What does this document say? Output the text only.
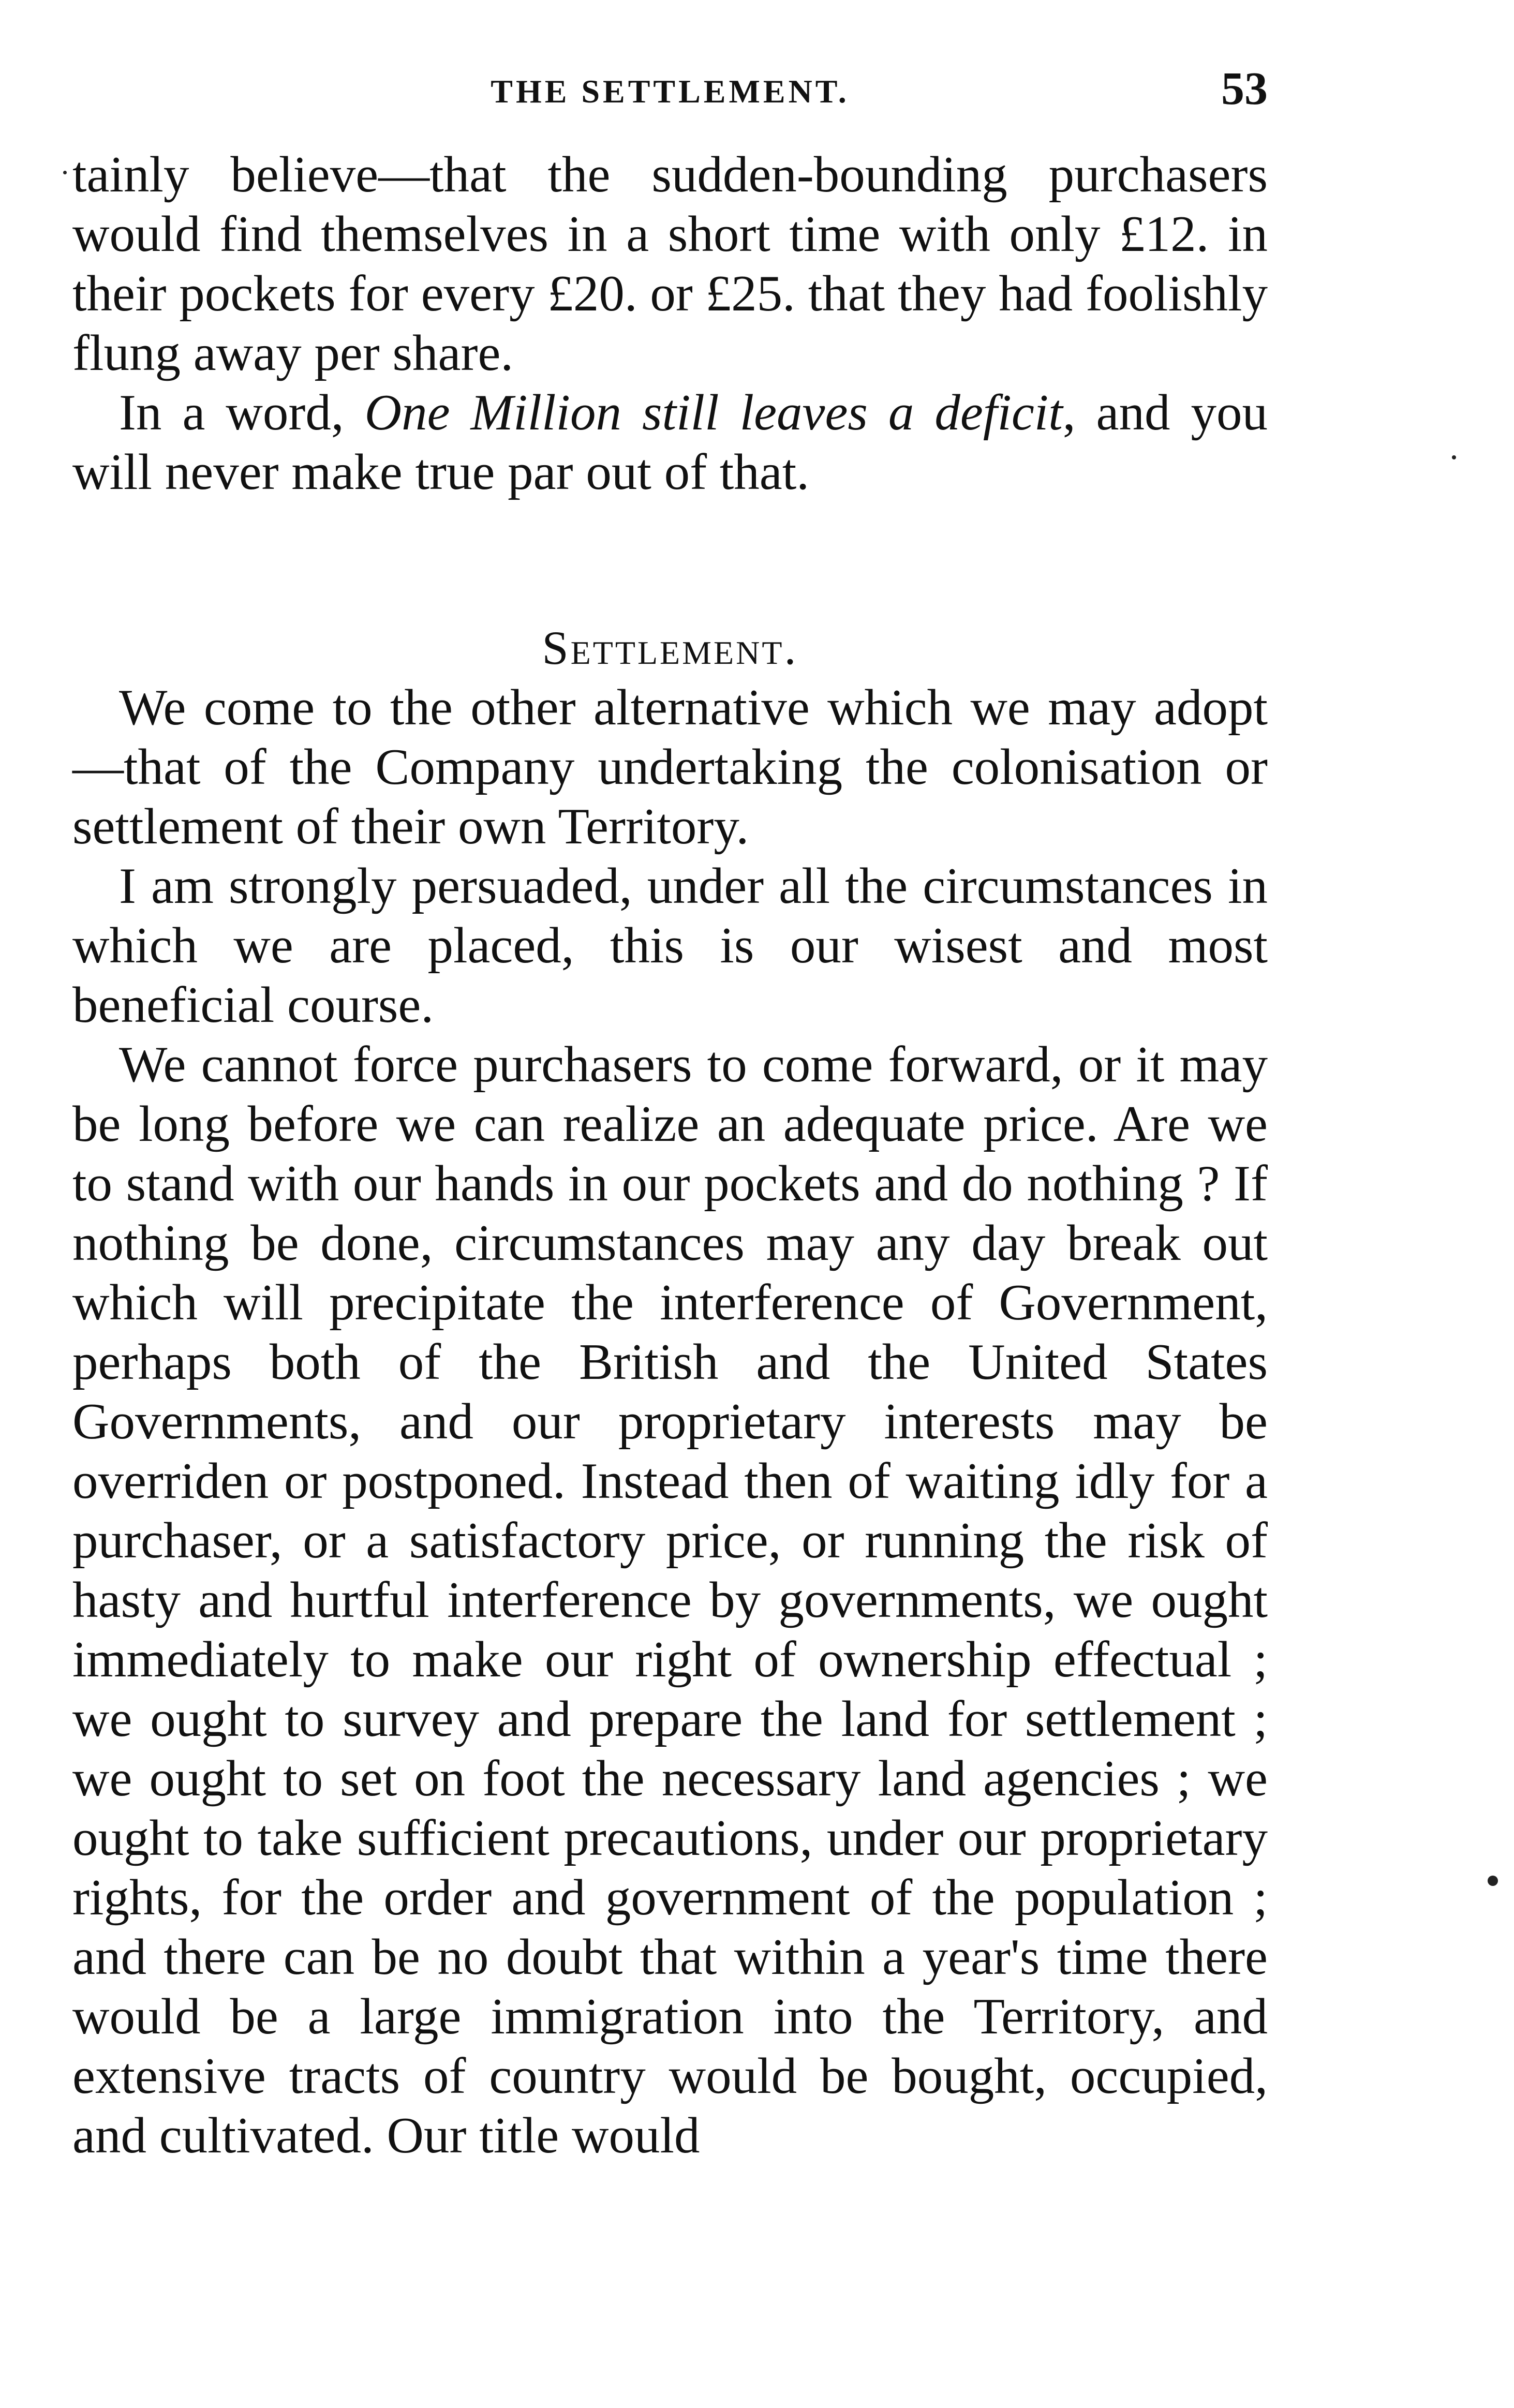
THE SETTLEMENT.	53

tainly believe—that the sudden-bounding purchasers would find themselves in a short time with only £12. in their pockets for every £20. or £25. that they had foolishly flung away per share.

In a word, One Million still leaves a deficit, and you will never make true par out of that.

Settlement.

We come to the other alternative which we may adopt—that of the Company undertaking the colonisation or settlement of their own Territory.

I am strongly persuaded, under all the circumstances in which we are placed, this is our wisest and most beneficial course.

We cannot force purchasers to come forward, or it may be long before we can realize an adequate price. Are we to stand with our hands in our pockets and do nothing ? If nothing be done, circumstances may any day break out which will precipitate the interference of Government, perhaps both of the British and the United States Governments, and our proprietary interests may be overriden or postponed. Instead then of waiting idly for a purchaser, or a satisfactory price, or running the risk of hasty and hurtful interference by governments, we ought immediately to make our right of ownership effectual ; we ought to survey and prepare the land for settlement ; we ought to set on foot the necessary land agencies ; we ought to take sufficient precautions, under our proprietary rights, for the order and government of the population ; and there can be no doubt that within a year's time there would be a large immigration into the Territory, and extensive tracts of country would be bought, occupied, and cultivated. Our title would
